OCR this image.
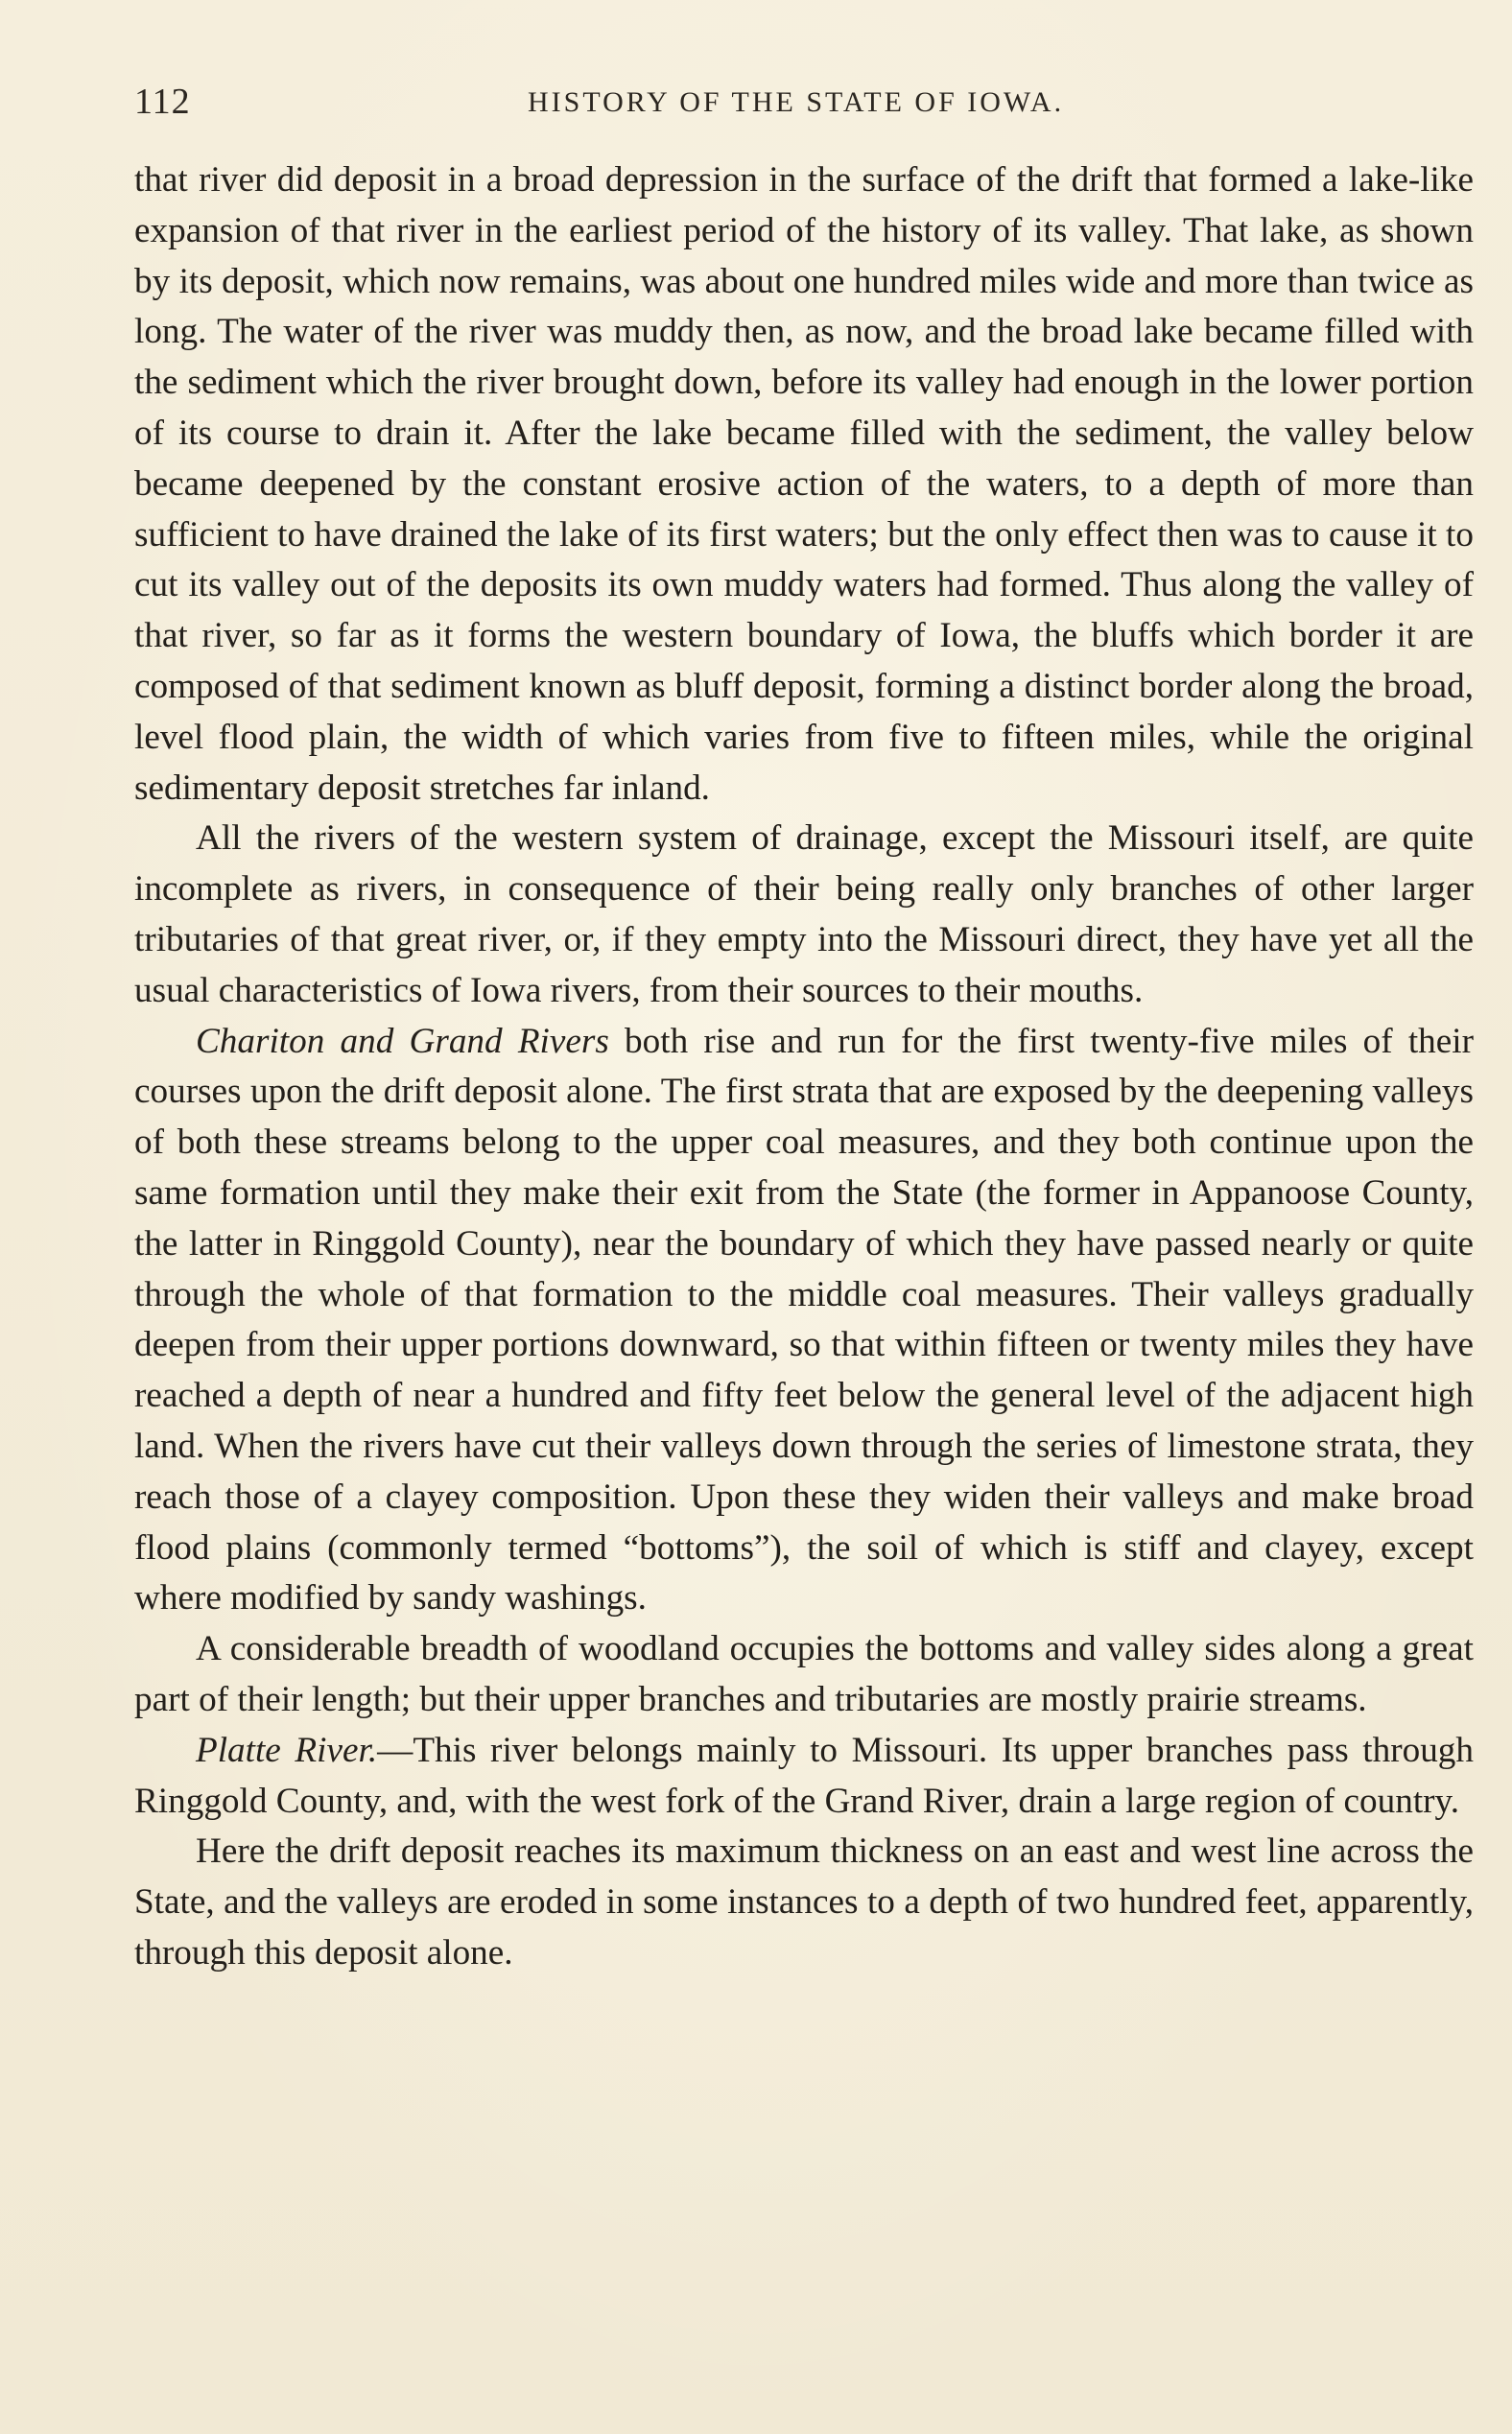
112	HISTORY OF THE STATE OF IOWA.

that river did deposit in a broad depression in the surface of the drift that formed a lake-like expansion of that river in the earliest period of the history of its valley. That lake, as shown by its deposit, which now remains, was about one hundred miles wide and more than twice as long. The water of the river was muddy then, as now, and the broad lake became filled with the sediment which the river brought down, before its valley had enough in the lower portion of its course to drain it. After the lake became filled with the sediment, the valley below became deepened by the constant erosive action of the waters, to a depth of more than sufficient to have drained the lake of its first waters; but the only effect then was to cause it to cut its valley out of the deposits its own muddy waters had formed. Thus along the valley of that river, so far as it forms the western boundary of Iowa, the bluffs which border it are composed of that sediment known as bluff deposit, forming a distinct border along the broad, level flood plain, the width of which varies from five to fifteen miles, while the original sedimentary deposit stretches far inland.

All the rivers of the western system of drainage, except the Missouri itself, are quite incomplete as rivers, in consequence of their being really only branches of other larger tributaries of that great river, or, if they empty into the Missouri direct, they have yet all the usual characteristics of Iowa rivers, from their sources to their mouths.

Chariton and Grand Rivers both rise and run for the first twenty-five miles of their courses upon the drift deposit alone. The first strata that are exposed by the deepening valleys of both these streams belong to the upper coal measures, and they both continue upon the same formation until they make their exit from the State (the former in Appanoose County, the latter in Ringgold County), near the boundary of which they have passed nearly or quite through the whole of that formation to the middle coal measures. Their valleys gradually deepen from their upper portions downward, so that within fifteen or twenty miles they have reached a depth of near a hundred and fifty feet below the general level of the adjacent high land. When the rivers have cut their valleys down through the series of limestone strata, they reach those of a clayey composition. Upon these they widen their valleys and make broad flood plains (commonly termed “bottoms”), the soil of which is stiff and clayey, except where modified by sandy washings.

A considerable breadth of woodland occupies the bottoms and valley sides along a great part of their length; but their upper branches and tributaries are mostly prairie streams.

Platte River.—This river belongs mainly to Missouri. Its upper branches pass through Ringgold County, and, with the west fork of the Grand River, drain a large region of country.

Here the drift deposit reaches its maximum thickness on an east and west line across the State, and the valleys are eroded in some instances to a depth of two hundred feet, apparently, through this deposit alone.
